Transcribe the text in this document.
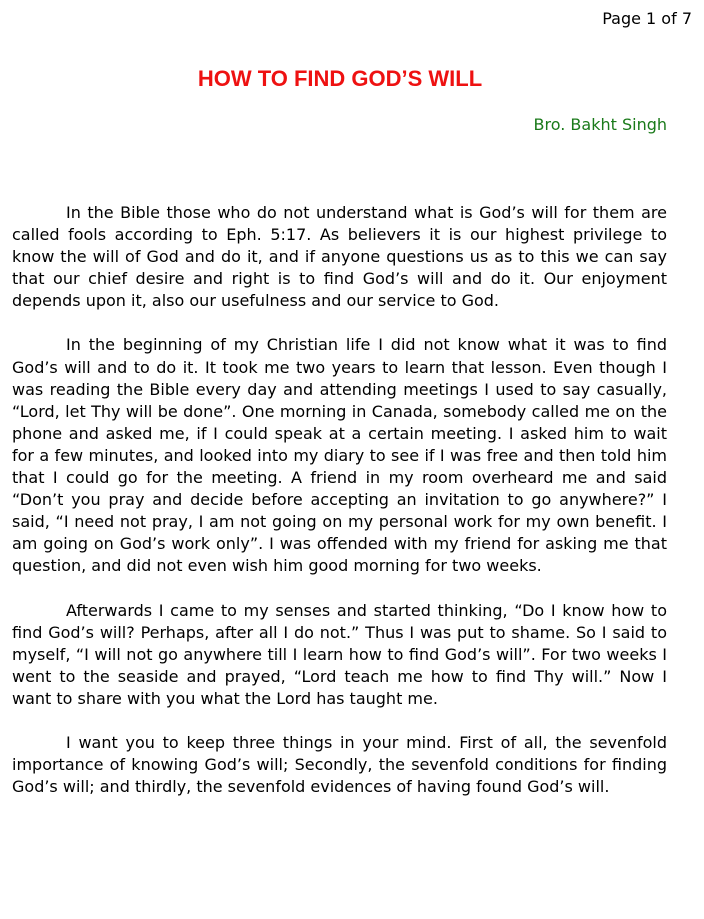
Page 1 of 7
HOW TO FIND GOD’S WILL
Bro. Bakht Singh

In the Bible those who do not understand what is God’s will for them are called fools according to Eph. 5:17. As believers it is our highest privilege to know the will of God and do it, and if anyone questions us as to this we can say that our chief desire and right is to find God’s will and do it. Our enjoyment depends upon it, also our usefulness and our service to God.

In the beginning of my Christian life I did not know what it was to find God’s will and to do it. It took me two years to learn that lesson. Even though I was reading the Bible every day and attending meetings I used to say casually, “Lord, let Thy will be done”. One morning in Canada, somebody called me on the phone and asked me, if I could speak at a certain meeting. I asked him to wait for a few minutes, and looked into my diary to see if I was free and then told him that I could go for the meeting. A friend in my room overheard me and said “Don’t you pray and decide before accepting an invitation to go anywhere?” I said, “I need not pray, I am not going on my personal work for my own benefit. I am going on God’s work only”. I was offended with my friend for asking me that question, and did not even wish him good morning for two weeks.

Afterwards I came to my senses and started thinking, “Do I know how to find God’s will? Perhaps, after all I do not.” Thus I was put to shame. So I said to myself, “I will not go anywhere till I learn how to find God’s will”. For two weeks I went to the seaside and prayed, “Lord teach me how to find Thy will.” Now I want to share with you what the Lord has taught me.

I want you to keep three things in your mind. First of all, the sevenfold importance of knowing God’s will; Secondly, the sevenfold conditions for finding God’s will; and thirdly, the sevenfold evidences of having found God’s will.
